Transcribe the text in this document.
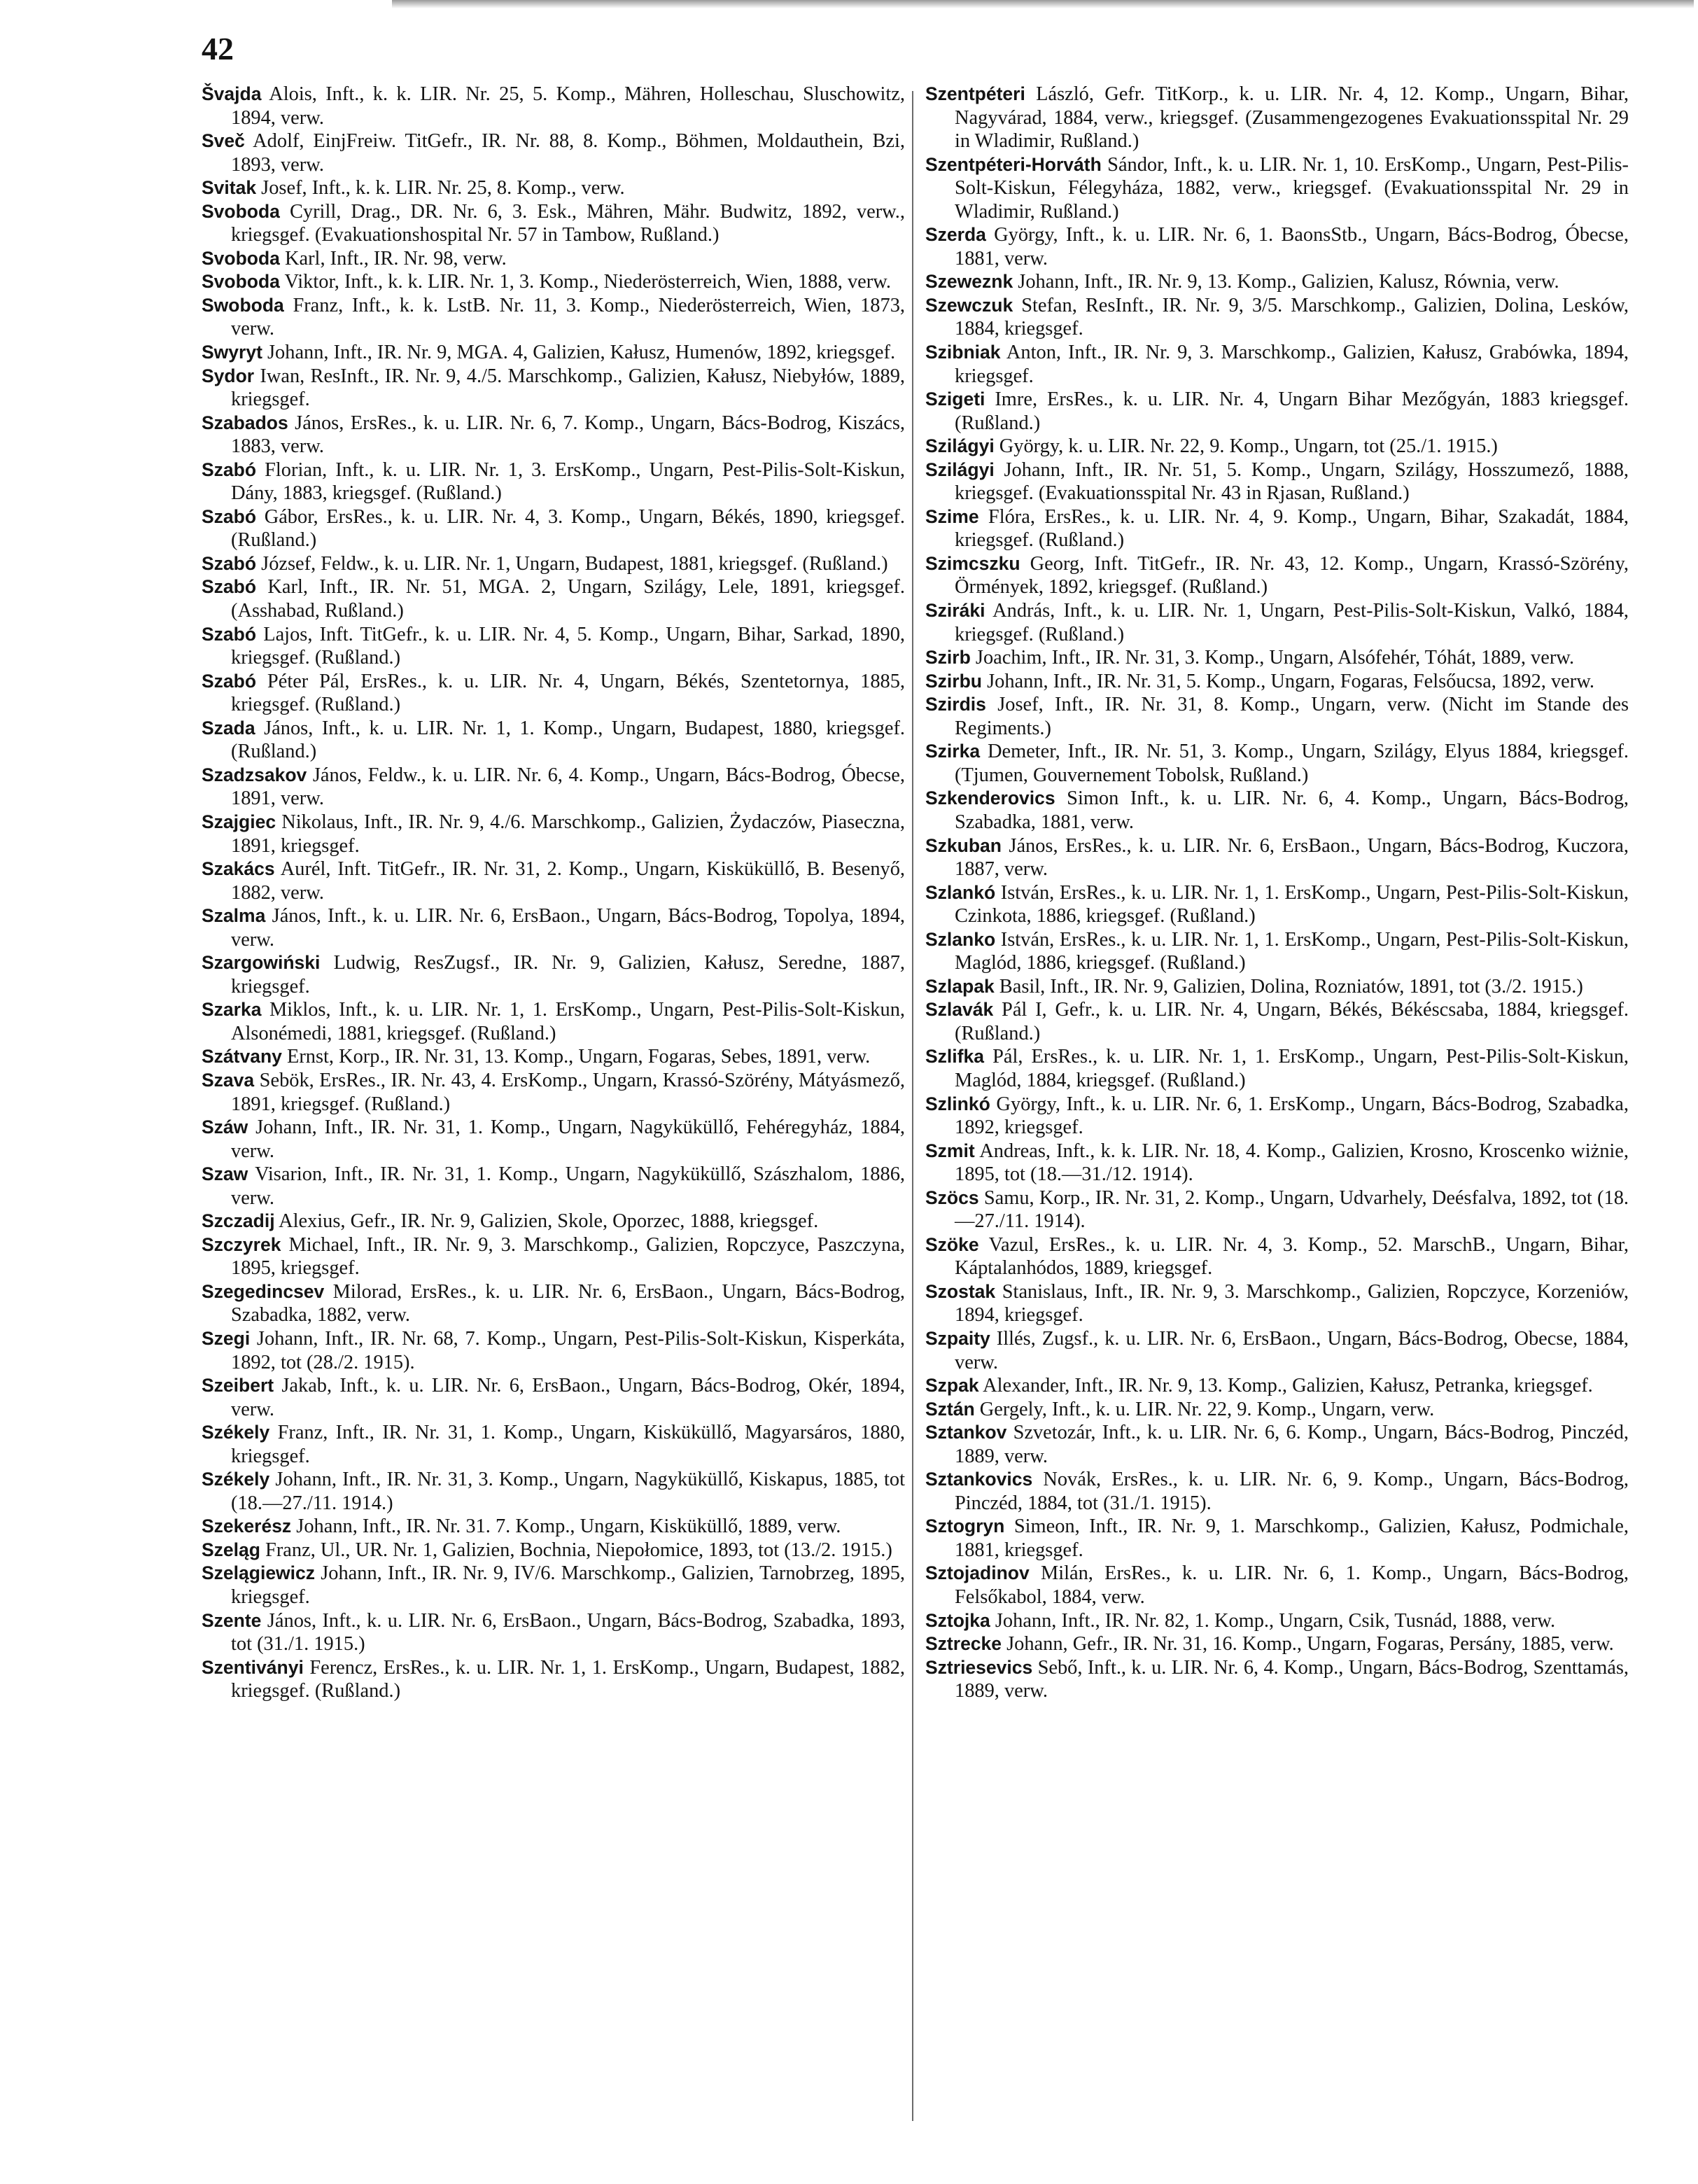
42

Švajda Alois, Inft., k. k. LIR. Nr. 25, 5. Komp., Mähren, Holleschau, Sluschowitz, 1894, verw.

Sveč Adolf, EinjFreiw. TitGefr., IR. Nr. 88, 8. Komp., Böhmen, Moldauthein, Bzi, 1893, verw.

Svitak Josef, Inft., k. k. LIR. Nr. 25, 8. Komp., verw.

Svoboda Cyrill, Drag., DR. Nr. 6, 3. Esk., Mähren, Mähr. Budwitz, 1892, verw., kriegsgef. (Evakuationshospital Nr. 57 in Tambow, Rußland.)

Svoboda Karl, Inft., IR. Nr. 98, verw.

Svoboda Viktor, Inft., k. k. LIR. Nr. 1, 3. Komp., Niederösterreich, Wien, 1888, verw.

Swoboda Franz, Inft., k. k. LstB. Nr. 11, 3. Komp., Niederösterreich, Wien, 1873, verw.

Swyryt Johann, Inft., IR. Nr. 9, MGA. 4, Galizien, Kałusz, Humenów, 1892, kriegsgef.

Sydor Iwan, ResInft., IR. Nr. 9, 4./5. Marschkomp., Galizien, Kałusz, Niebyłów, 1889, kriegsgef.

Szabados János, ErsRes., k. u. LIR. Nr. 6, 7. Komp., Ungarn, Bács-Bodrog, Kiszács, 1883, verw.

Szabó Florian, Inft., k. u. LIR. Nr. 1, 3. ErsKomp., Ungarn, Pest-Pilis-Solt-Kiskun, Dány, 1883, kriegsgef. (Rußland.)

Szabó Gábor, ErsRes., k. u. LIR. Nr. 4, 3. Komp., Ungarn, Békés, 1890, kriegsgef. (Rußland.)

Szabó József, Feldw., k. u. LIR. Nr. 1, Ungarn, Budapest, 1881, kriegsgef. (Rußland.)

Szabó Karl, Inft., IR. Nr. 51, MGA. 2, Ungarn, Szilágy, Lele, 1891, kriegsgef. (Asshabad, Rußland.)

Szabó Lajos, Inft. TitGefr., k. u. LIR. Nr. 4, 5. Komp., Ungarn, Bihar, Sarkad, 1890, kriegsgef. (Rußland.)

Szabó Péter Pál, ErsRes., k. u. LIR. Nr. 4, Ungarn, Békés, Szentetornya, 1885, kriegsgef. (Rußland.)

Szada János, Inft., k. u. LIR. Nr. 1, 1. Komp., Ungarn, Budapest, 1880, kriegsgef. (Rußland.)

Szadzsakov János, Feldw., k. u. LIR. Nr. 6, 4. Komp., Ungarn, Bács-Bodrog, Óbecse, 1891, verw.

Szajgiec Nikolaus, Inft., IR. Nr. 9, 4./6. Marschkomp., Galizien, Żydaczów, Piaseczna, 1891, kriegsgef.

Szakács Aurél, Inft. TitGefr., IR. Nr. 31, 2. Komp., Ungarn, Kisküküllő, B. Besenyő, 1882, verw.

Szalma János, Inft., k. u. LIR. Nr. 6, ErsBaon., Ungarn, Bács-Bodrog, Topolya, 1894, verw.

Szargowiński Ludwig, ResZugsf., IR. Nr. 9, Galizien, Kałusz, Seredne, 1887, kriegsgef.

Szarka Miklos, Inft., k. u. LIR. Nr. 1, 1. ErsKomp., Ungarn, Pest-Pilis-Solt-Kiskun, Alsonémedi, 1881, kriegsgef. (Rußland.)

Szátvany Ernst, Korp., IR. Nr. 31, 13. Komp., Ungarn, Fogaras, Sebes, 1891, verw.

Szava Sebök, ErsRes., IR. Nr. 43, 4. ErsKomp., Ungarn, Krassó-Szörény, Mátyásmező, 1891, kriegsgef. (Rußland.)

Száw Johann, Inft., IR. Nr. 31, 1. Komp., Ungarn, Nagyküküllő, Fehéregyház, 1884, verw.

Szaw Visarion, Inft., IR. Nr. 31, 1. Komp., Ungarn, Nagyküküllő, Szászhalom, 1886, verw.

Szczadij Alexius, Gefr., IR. Nr. 9, Galizien, Skole, Oporzec, 1888, kriegsgef.

Szczyrek Michael, Inft., IR. Nr. 9, 3. Marschkomp., Galizien, Ropczyce, Paszczyna, 1895, kriegsgef.

Szegedincsev Milorad, ErsRes., k. u. LIR. Nr. 6, ErsBaon., Ungarn, Bács-Bodrog, Szabadka, 1882, verw.

Szegi Johann, Inft., IR. Nr. 68, 7. Komp., Ungarn, Pest-Pilis-Solt-Kiskun, Kisperkáta, 1892, tot (28./2. 1915).

Szeibert Jakab, Inft., k. u. LIR. Nr. 6, ErsBaon., Ungarn, Bács-Bodrog, Okér, 1894, verw.

Székely Franz, Inft., IR. Nr. 31, 1. Komp., Ungarn, Kisküküllő, Magyarsáros, 1880, kriegsgef.

Székely Johann, Inft., IR. Nr. 31, 3. Komp., Ungarn, Nagyküküllő, Kiskapus, 1885, tot (18.—27./11. 1914.)

Szekerész Johann, Inft., IR. Nr. 31. 7. Komp., Ungarn, Kisküküllő, 1889, verw.

Szeląg Franz, Ul., UR. Nr. 1, Galizien, Bochnia, Niepołomice, 1893, tot (13./2. 1915.)

Szelągiewicz Johann, Inft., IR. Nr. 9, IV/6. Marschkomp., Galizien, Tarnobrzeg, 1895, kriegsgef.

Szente János, Inft., k. u. LIR. Nr. 6, ErsBaon., Ungarn, Bács-Bodrog, Szabadka, 1893, tot (31./1. 1915.)

Szentiványi Ferencz, ErsRes., k. u. LIR. Nr. 1, 1. ErsKomp., Ungarn, Budapest, 1882, kriegsgef. (Rußland.)

Szentpéteri László, Gefr. TitKorp., k. u. LIR. Nr. 4, 12. Komp., Ungarn, Bihar, Nagyvárad, 1884, verw., kriegsgef. (Zusammengezogenes Evakuationsspital Nr. 29 in Wladimir, Rußland.)

Szentpéteri-Horváth Sándor, Inft., k. u. LIR. Nr. 1, 10. ErsKomp., Ungarn, Pest-Pilis-Solt-Kiskun, Félegyháza, 1882, verw., kriegsgef. (Evakuationsspital Nr. 29 in Wladimir, Rußland.)

Szerda György, Inft., k. u. LIR. Nr. 6, 1. BaonsStb., Ungarn, Bács-Bodrog, Óbecse, 1881, verw.

Szeweznk Johann, Inft., IR. Nr. 9, 13. Komp., Galizien, Kalusz, Równia, verw.

Szewczuk Stefan, ResInft., IR. Nr. 9, 3/5. Marschkomp., Galizien, Dolina, Lesków, 1884, kriegsgef.

Szibniak Anton, Inft., IR. Nr. 9, 3. Marschkomp., Galizien, Kałusz, Grabówka, 1894, kriegsgef.

Szigeti Imre, ErsRes., k. u. LIR. Nr. 4, Ungarn Bihar Mezőgyán, 1883 kriegsgef. (Rußland.)

Szilágyi György, k. u. LIR. Nr. 22, 9. Komp., Ungarn, tot (25./1. 1915.)

Szilágyi Johann, Inft., IR. Nr. 51, 5. Komp., Ungarn, Szilágy, Hosszumező, 1888, kriegsgef. (Evakuationsspital Nr. 43 in Rjasan, Rußland.)

Szime Flóra, ErsRes., k. u. LIR. Nr. 4, 9. Komp., Ungarn, Bihar, Szakadát, 1884, kriegsgef. (Rußland.)

Szimcszku Georg, Inft. TitGefr., IR. Nr. 43, 12. Komp., Ungarn, Krassó-Szörény, Örmények, 1892, kriegsgef. (Rußland.)

Sziráki András, Inft., k. u. LIR. Nr. 1, Ungarn, Pest-Pilis-Solt-Kiskun, Valkó, 1884, kriegsgef. (Rußland.)

Szirb Joachim, Inft., IR. Nr. 31, 3. Komp., Ungarn, Alsófehér, Tóhát, 1889, verw.

Szirbu Johann, Inft., IR. Nr. 31, 5. Komp., Ungarn, Fogaras, Felsőucsa, 1892, verw.

Szirdis Josef, Inft., IR. Nr. 31, 8. Komp., Ungarn, verw. (Nicht im Stande des Regiments.)

Szirka Demeter, Inft., IR. Nr. 51, 3. Komp., Ungarn, Szilágy, Elyus 1884, kriegsgef. (Tjumen, Gouvernement Tobolsk, Rußland.)

Szkenderovics Simon Inft., k. u. LIR. Nr. 6, 4. Komp., Ungarn, Bács-Bodrog, Szabadka, 1881, verw.

Szkuban János, ErsRes., k. u. LIR. Nr. 6, ErsBaon., Ungarn, Bács-Bodrog, Kuczora, 1887, verw.

Szlankó István, ErsRes., k. u. LIR. Nr. 1, 1. ErsKomp., Ungarn, Pest-Pilis-Solt-Kiskun, Czinkota, 1886, kriegsgef. (Rußland.)

Szlanko István, ErsRes., k. u. LIR. Nr. 1, 1. ErsKomp., Ungarn, Pest-Pilis-Solt-Kiskun, Maglód, 1886, kriegsgef. (Rußland.)

Szlapak Basil, Inft., IR. Nr. 9, Galizien, Dolina, Rozniatów, 1891, tot (3./2. 1915.)

Szlavák Pál I, Gefr., k. u. LIR. Nr. 4, Ungarn, Békés, Békéscsaba, 1884, kriegsgef. (Rußland.)

Szlifka Pál, ErsRes., k. u. LIR. Nr. 1, 1. ErsKomp., Ungarn, Pest-Pilis-Solt-Kiskun, Maglód, 1884, kriegsgef. (Rußland.)

Szlinkó György, Inft., k. u. LIR. Nr. 6, 1. ErsKomp., Ungarn, Bács-Bodrog, Szabadka, 1892, kriegsgef.

Szmit Andreas, Inft., k. k. LIR. Nr. 18, 4. Komp., Galizien, Krosno, Kroscenko wiżnie, 1895, tot (18.—31./12. 1914).

Szöcs Samu, Korp., IR. Nr. 31, 2. Komp., Ungarn, Udvarhely, Deésfalva, 1892, tot (18.—27./11. 1914).

Szöke Vazul, ErsRes., k. u. LIR. Nr. 4, 3. Komp., 52. MarschB., Ungarn, Bihar, Káptalanhódos, 1889, kriegsgef.

Szostak Stanislaus, Inft., IR. Nr. 9, 3. Marschkomp., Galizien, Ropczyce, Korzeniów, 1894, kriegsgef.

Szpaity Illés, Zugsf., k. u. LIR. Nr. 6, ErsBaon., Ungarn, Bács-Bodrog, Obecse, 1884, verw.

Szpak Alexander, Inft., IR. Nr. 9, 13. Komp., Galizien, Kałusz, Petranka, kriegsgef.

Sztán Gergely, Inft., k. u. LIR. Nr. 22, 9. Komp., Ungarn, verw.

Sztankov Szvetozár, Inft., k. u. LIR. Nr. 6, 6. Komp., Ungarn, Bács-Bodrog, Pinczéd, 1889, verw.

Sztankovics Novák, ErsRes., k. u. LIR. Nr. 6, 9. Komp., Ungarn, Bács-Bodrog, Pinczéd, 1884, tot (31./1. 1915).

Sztogryn Simeon, Inft., IR. Nr. 9, 1. Marschkomp., Galizien, Kałusz, Podmichale, 1881, kriegsgef.

Sztojadinov Milán, ErsRes., k. u. LIR. Nr. 6, 1. Komp., Ungarn, Bács-Bodrog, Felsőkabol, 1884, verw.

Sztojka Johann, Inft., IR. Nr. 82, 1. Komp., Ungarn, Csik, Tusnád, 1888, verw.

Sztrecke Johann, Gefr., IR. Nr. 31, 16. Komp., Ungarn, Fogaras, Persány, 1885, verw.

Sztriesevics Sebő, Inft., k. u. LIR. Nr. 6, 4. Komp., Ungarn, Bács-Bodrog, Szenttamás, 1889, verw.
